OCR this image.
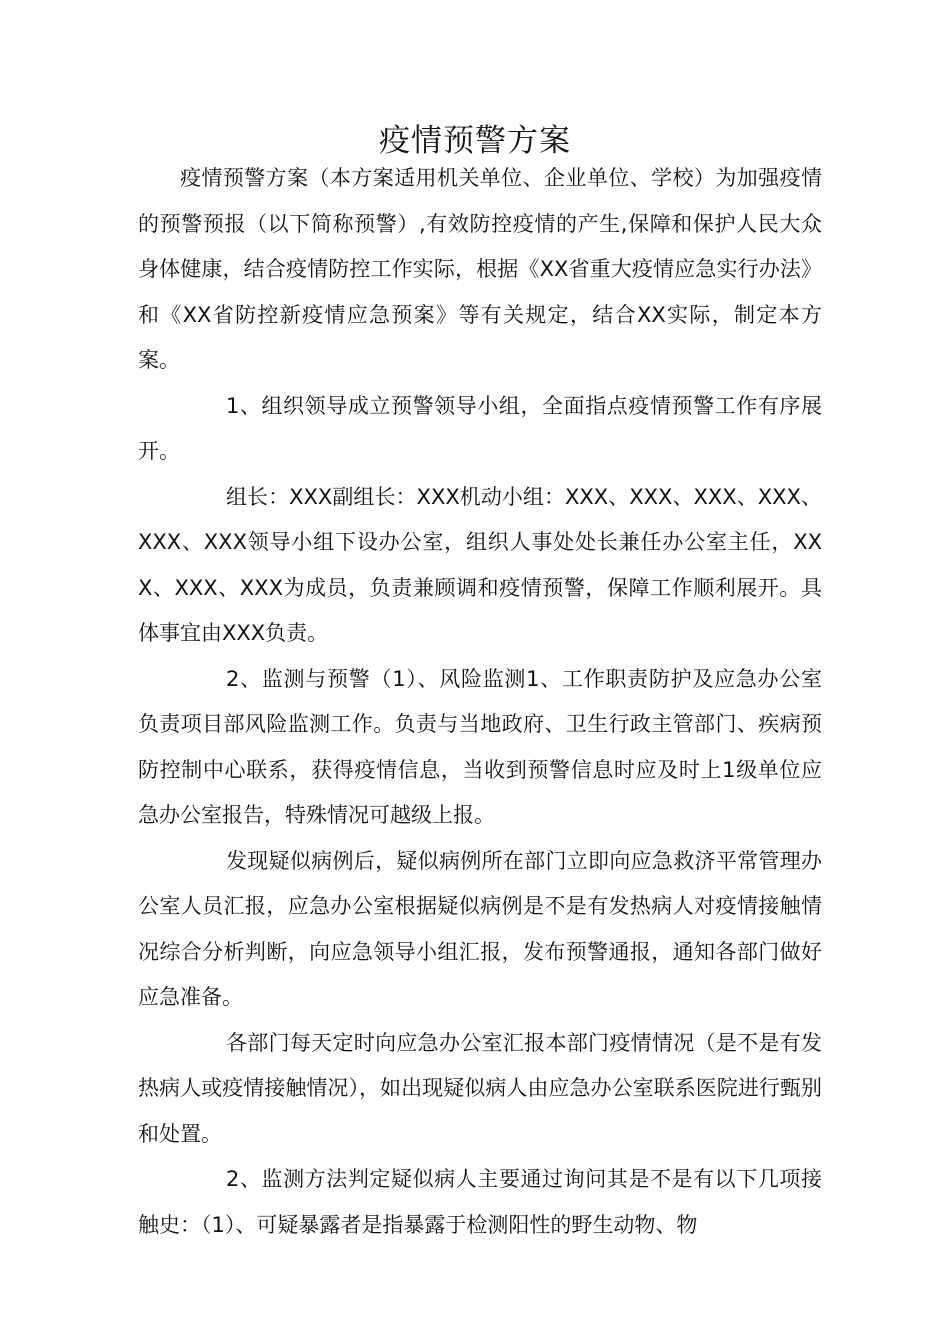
疫情预警方案

疫情预警方案（本方案适用机关单位、企业单位、学校）为加强疫情的预警预报（以下简称预警）,有效防控疫情的产生,保障和保护人民大众身体健康，结合疫情防控工作实际，根据《XX省重大疫情应急实行办法》和《XX省防控新疫情应急预案》等有关规定，结合XX实际，制定本方案。

1、组织领导成立预警领导小组，全面指点疫情预警工作有序展开。

组长：XXX副组长：XXX机动小组：XXX、XXX、XXX、XXX、XXX、XXX领导小组下设办公室，组织人事处处长兼任办公室主任，XXX、XXX、XXX为成员，负责兼顾调和疫情预警，保障工作顺利展开。具体事宜由XXX负责。

2、监测与预警（1）、风险监测1、工作职责防护及应急办公室负责项目部风险监测工作。负责与当地政府、卫生行政主管部门、疾病预防控制中心联系，获得疫情信息，当收到预警信息时应及时上1级单位应急办公室报告，特殊情况可越级上报。

发现疑似病例后，疑似病例所在部门立即向应急救济平常管理办公室人员汇报，应急办公室根据疑似病例是不是有发热病人对疫情接触情况综合分析判断，向应急领导小组汇报，发布预警通报，通知各部门做好应急准备。

各部门每天定时向应急办公室汇报本部门疫情情况（是不是有发热病人或疫情接触情况），如出现疑似病人由应急办公室联系医院进行甄别和处置。

2、监测方法判定疑似病人主要通过询问其是不是有以下几项接触史：（1）、可疑暴露者是指暴露于检测阳性的野生动物、物
